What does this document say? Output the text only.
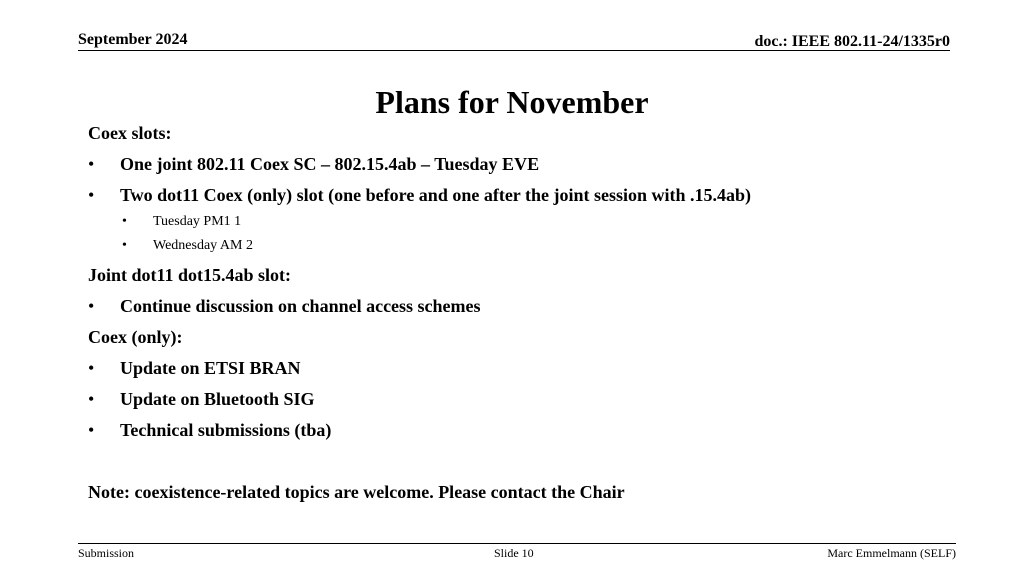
September 2024	doc.: IEEE 802.11-24/1335r0
Plans for November
Coex slots:
• One joint 802.11 Coex SC – 802.15.4ab – Tuesday EVE
• Two dot11 Coex (only) slot (one before and one after the joint session with .15.4ab)
• Tuesday PM1 1
• Wednesday AM 2
Joint dot11 dot15.4ab slot:
• Continue discussion on channel access schemes
Coex (only):
• Update on ETSI BRAN
• Update on Bluetooth SIG
• Technical submissions (tba)
Note: coexistence-related topics are welcome. Please contact the Chair
Submission	Slide 10	Marc Emmelmann (SELF)
